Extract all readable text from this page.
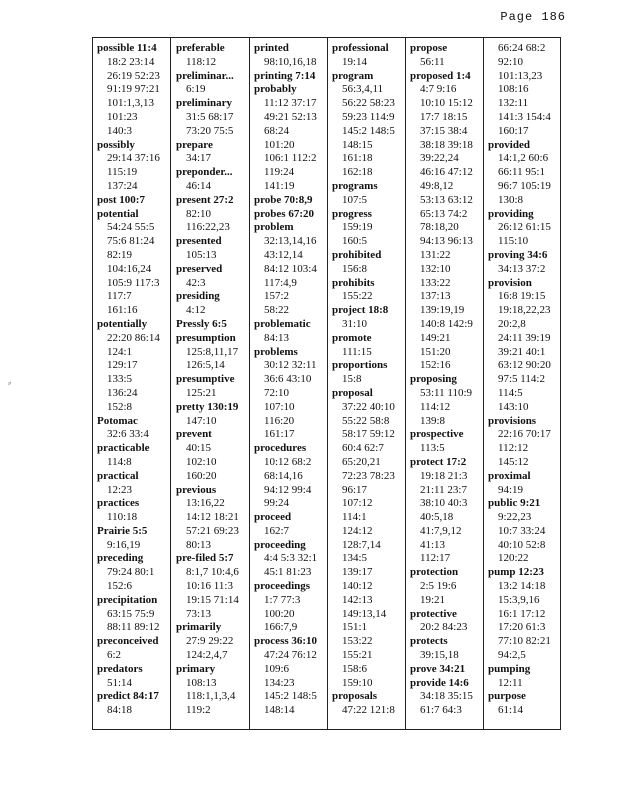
Page 186
possible 11:4
18:2 23:14
26:19 52:23
91:19 97:21
101:1,3,13
101:23
140:3
possibly
29:14 37:16
115:19
137:24
post 100:7
potential
54:24 55:5
75:6 81:24
82:19
104:16,24
105:9 117:3
117:7
161:16
potentially
22:20 86:14
124:1
129:17
133:5
136:24
152:8
Potomac
32:6 33:4
practicable
114:8
practical
12:23
practices
110:18
Prairie 5:5
9:16,19
preceding
79:24 80:1
152:6
precipitation
63:15 75:9
88:11 89:12
preconceived
6:2
predators
51:14
predict 84:17
84:18
preferable
118:12
preliminar...
6:19
preliminary
31:5 68:17
73:20 75:5
prepare
34:17
preponder...
46:14
present 27:2
82:10
116:22,23
presented
105:13
preserved
42:3
presiding
4:12
Pressly 6:5
presumption
125:8,11,17
126:5,14
presumptive
125:21
pretty 130:19
147:10
prevent
40:15
102:10
160:20
previous
13:16,22
14:12 18:21
57:21 69:23
80:13
pre-filed 5:7
8:1,7 10:4,6
10:16 11:3
19:15 71:14
73:13
primarily
27:9 29:22
124:2,4,7
primary
108:13
118:1,1,3,4
119:2
printed
98:10,16,18
printing 7:14
probably
11:12 37:17
49:21 52:13
68:24
101:20
106:1 112:2
119:24
141:19
probe 70:8,9
probes 67:20
problem
32:13,14,16
43:12,14
84:12 103:4
117:4,9
157:2
58:22
problematic
84:13
problems
30:12 32:11
36:6 43:10
72:10
107:10
116:20
161:17
procedures
10:12 68:2
68:14,16
94:12 99:4
99:24
proceed
162:7
proceeding
4:4 5:3 32:1
45:1 81:23
proceedings
1:7 77:3
100:20
166:7,9
process 36:10
47:24 76:12
109:6
134:23
145:2 148:5
148:14
professional
19:14
program
56:3,4,11
56:22 58:23
59:23 114:9
145:2 148:5
148:15
161:18
162:18
programs
107:5
progress
159:19
160:5
prohibited
156:8
prohibits
155:22
project 18:8
31:10
promote
111:15
proportions
15:8
proposal
37:22 40:10
55:22 58:8
58:17 59:12
60:4 62:7
65:20,21
72:23 78:23
96:17
107:12
114:1
124:12
128:7,14
134:5
139:17
140:12
142:13
149:13,14
151:1
153:22
155:21
158:6
159:10
proposals
47:22 121:8
propose
56:11
proposed 1:4
4:7 9:16
10:10 15:12
17:7 18:15
37:15 38:4
38:18 39:18
39:22,24
46:16 47:12
49:8,12
53:13 63:12
65:13 74:2
78:18,20
94:13 96:13
131:22
132:10
133:22
137:13
139:19,19
140:8 142:9
149:21
151:20
152:16
proposing
53:11 110:9
114:12
139:8
prospective
113:5
protect 17:2
19:18 21:3
21:11 23:7
38:10 40:3
40:5,18
41:7,9,12
41:13
112:17
protection
2:5 19:6
19:21
protective
20:2 84:23
protects
39:15,18
prove 34:21
provide 14:6
34:18 35:15
61:7 64:3
66:24 68:2
92:10
101:13,23
108:16
132:11
141:3 154:4
160:17
provided
14:1,2 60:6
66:11 95:1
96:7 105:19
130:8
providing
26:12 61:15
115:10
proving 34:6
34:13 37:2
provision
16:8 19:15
19:18,22,23
20:2,8
24:11 39:19
39:21 40:1
63:12 90:20
97:5 114:2
114:5
143:10
provisions
22:16 70:17
112:12
145:12
proximal
94:19
public 9:21
9:22,23
10:7 33:24
40:10 52:8
120:22
pump 12:23
13:2 14:18
15:3,9,16
16:1 17:12
17:20 61:3
77:10 82:21
94:2,5
pumping
12:11
purpose
61:14
⸗
